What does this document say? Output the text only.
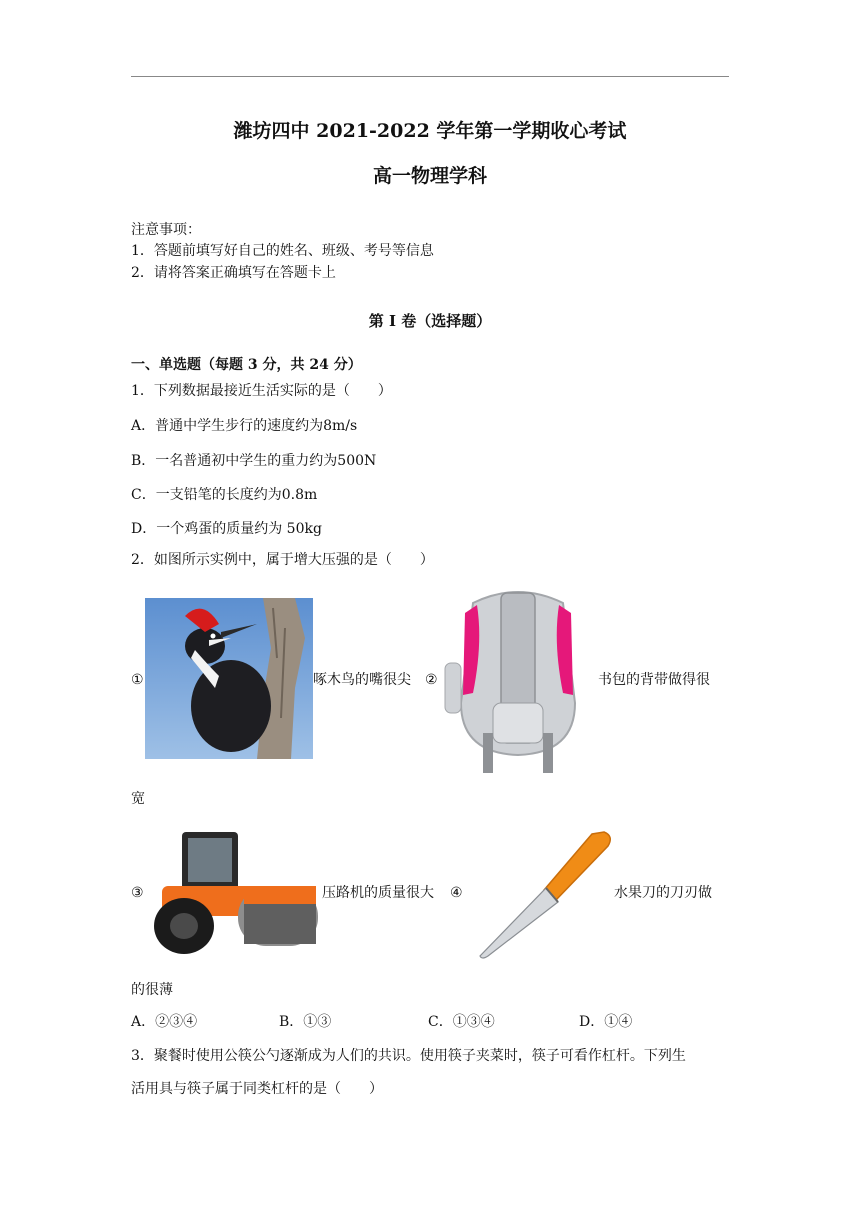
潍坊四中 2021-2022 学年第一学期收心考试
高一物理学科
注意事项：
1．答题前填写好自己的姓名、班级、考号等信息
2．请将答案正确填写在答题卡上
第 I 卷（选择题）
一、单选题（每题 3 分，共 24 分）
1．下列数据最接近生活实际的是（　　）
A．普通中学生步行的速度约为8m/s
B．一名普通初中学生的重力约为500N
C．一支铅笔的长度约为0.8m
D．一个鸡蛋的质量约为 50kg
2．如图所示实例中，属于增大压强的是（　　）
①	啄木鸟的嘴很尖 ②	书包的背带做得很
宽
③	压路机的质量很大 ④	水果刀的刀刃做
的很薄
A．②③④	B．①③	C．①③④	D．①④
3．聚餐时使用公筷公勺逐渐成为人们的共识。使用筷子夹菜时，筷子可看作杠杆。下列生
活用具与筷子属于同类杠杆的是（　　）
